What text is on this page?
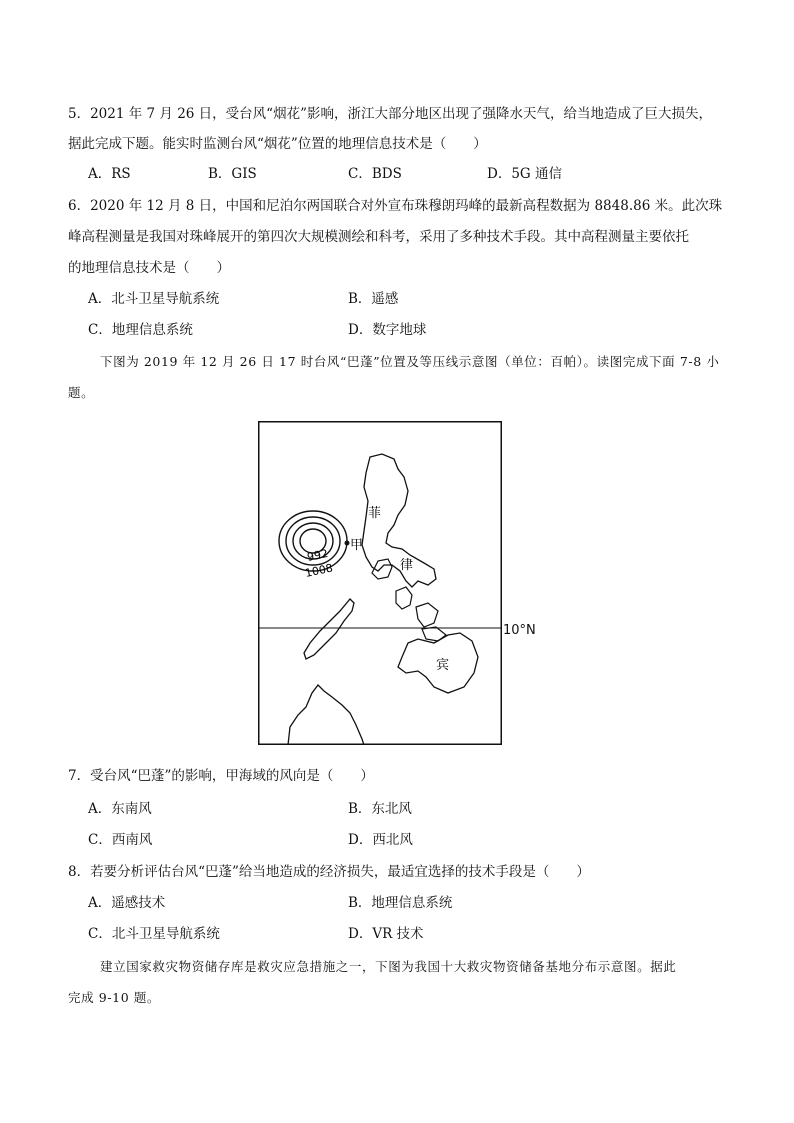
5．2021 年 7 月 26 日，受台风“烟花”影响，浙江大部分地区出现了强降水天气，给当地造成了巨大损失，
据此完成下题。能实时监测台风“烟花”位置的地理信息技术是（　　）
A．RS	B．GIS	C．BDS	D．5G 通信
6．2020 年 12 月 8 日，中国和尼泊尔两国联合对外宣布珠穆朗玛峰的最新高程数据为 8848.86 米。此次珠
峰高程测量是我国对珠峰展开的第四次大规模测绘和科考，采用了多种技术手段。其中高程测量主要依托
的地理信息技术是（　　）
A．北斗卫星导航系统	B．遥感
C．地理信息系统	D．数字地球
下图为 2019 年 12 月 26 日 17 时台风“巴蓬”位置及等压线示意图（单位：百帕）。读图完成下面 7-8 小
题。
甲
992
1008
菲
律
宾
10°N
7．受台风“巴蓬”的影响，甲海域的风向是（　　）
A．东南风	B．东北风
C．西南风	D．西北风
8．若要分析评估台风“巴蓬”给当地造成的经济损失，最适宜选择的技术手段是（　　）
A．遥感技术	B．地理信息系统
C．北斗卫星导航系统	D．VR 技术
建立国家救灾物资储存库是救灾应急措施之一，下图为我国十大救灾物资储备基地分布示意图。据此
完成 9-10 题。
